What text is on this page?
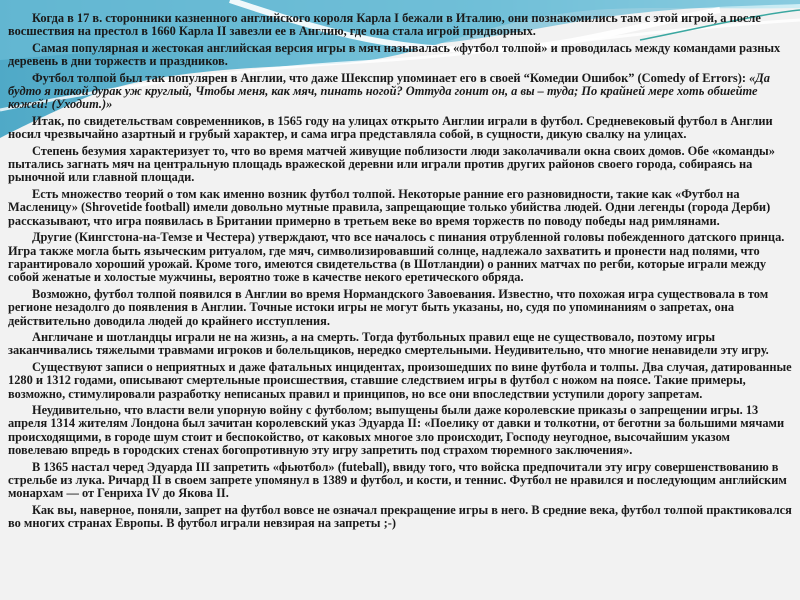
Когда в 17 в. сторонники казненного английского короля Карла I бежали в Италию, они познакомились там с этой игрой, а после восшествия на престол в 1660 Карла II завезли ее в Англию, где она стала игрой придворных.

Самая популярная и жестокая английская версия игры в мяч называлась «футбол толпой» и проводилась между командами разных деревень в дни торжеств и праздников.

Футбол толпой был так популярен в Англии, что даже Шекспир упоминает его в своей “Комедии Ошибок” (Comedy of Errors): «Да будто я такой дурак уж круглый, Чтобы меня, как мяч, пинать ногой? Оттуда гонит он, а вы – туда; По крайней мере хоть обшейте кожей! (Уходит.)»

Итак, по свидетельствам современников, в 1565 году на улицах открыто Англии играли в футбол. Средневековый футбол в Англии носил чрезвычайно азартный и грубый характер, и сама игра представляла собой, в сущности, дикую свалку на улицах.

Степень безумия характеризует то, что во время матчей живущие поблизости люди заколачивали окна своих домов. Обе «команды» пытались загнать мяч на центральную площадь вражеской деревни или играли против других районов своего города, собираясь на рыночной или главной площади.

Есть множество теорий о том как именно возник футбол толпой. Некоторые ранние его разновидности, такие как «Футбол на Масленицу» (Shrovetide football) имели довольно мутные правила, запрещающие только убийства людей. Одни легенды (города Дерби) рассказывают, что игра появилась в Британии примерно в третьем веке во время торжеств по поводу победы над римлянами.

Другие (Кингстона-на-Темзе и Честера) утверждают, что все началось с пинания отрубленной головы побежденного датского принца. Игра также могла быть языческим ритуалом, где мяч, символизировавший солнце, надлежало захватить и пронести над полями, что гарантировало хороший урожай. Кроме того, имеются свидетельства (в Шотландии) о ранних матчах по регби, которые играли между собой женатые и холостые мужчины, вероятно тоже в качестве некого еретического обряда.

Возможно, футбол толпой появился в Англии во время Нормандского Завоевания. Известно, что похожая игра существовала в том регионе незадолго до появления в Англии. Точные истоки игры не могут быть указаны, но, судя по упоминаниям о запретах, она действительно доводила людей до крайнего исступления.

Англичане и шотландцы играли не на жизнь, а на смерть. Тогда футбольных правил еще не существовало, поэтому игры заканчивались тяжелыми травмами игроков и болельщиков, нередко смертельными. Неудивительно, что многие ненавидели эту игру.

Существуют записи о неприятных и даже фатальных инцидентах, произошедших по вине футбола и толпы. Два случая, датированные 1280 и 1312 годами, описывают смертельные происшествия, ставшие следствием игры в футбол с ножом на поясе. Такие примеры, возможно, стимулировали разработку неписаных правил и принципов, но все они впоследствии уступили дорогу запретам.

Неудивительно, что власти вели упорную войну с футболом; выпущены были даже королевские приказы о запрещении игры. 13 апреля 1314 жителям Лондона был зачитан королевский указ Эдуарда II: «Поелику от давки и толкотни, от беготни за большими мячами происходящими, в городе шум стоит и беспокойство, от каковых многое зло происходит, Господу неугодное, высочайшим указом повелеваю впредь в городских стенах богопротивную эту игру запретить под страхом тюремного заключения».

В 1365 настал черед Эдуарда III запретить «фьютбол» (futeball), ввиду того, что войска предпочитали эту игру совершенствованию в стрельбе из лука. Ричард II в своем запрете упомянул в 1389 и футбол, и кости, и теннис. Футбол не нравился и последующим английским монархам — от Генриха IV до Якова II.

Как вы, наверное, поняли, запрет на футбол вовсе не означал прекращение игры в него. В средние века, футбол толпой практиковался во многих странах Европы. В футбол играли невзирая на запреты ;-)
